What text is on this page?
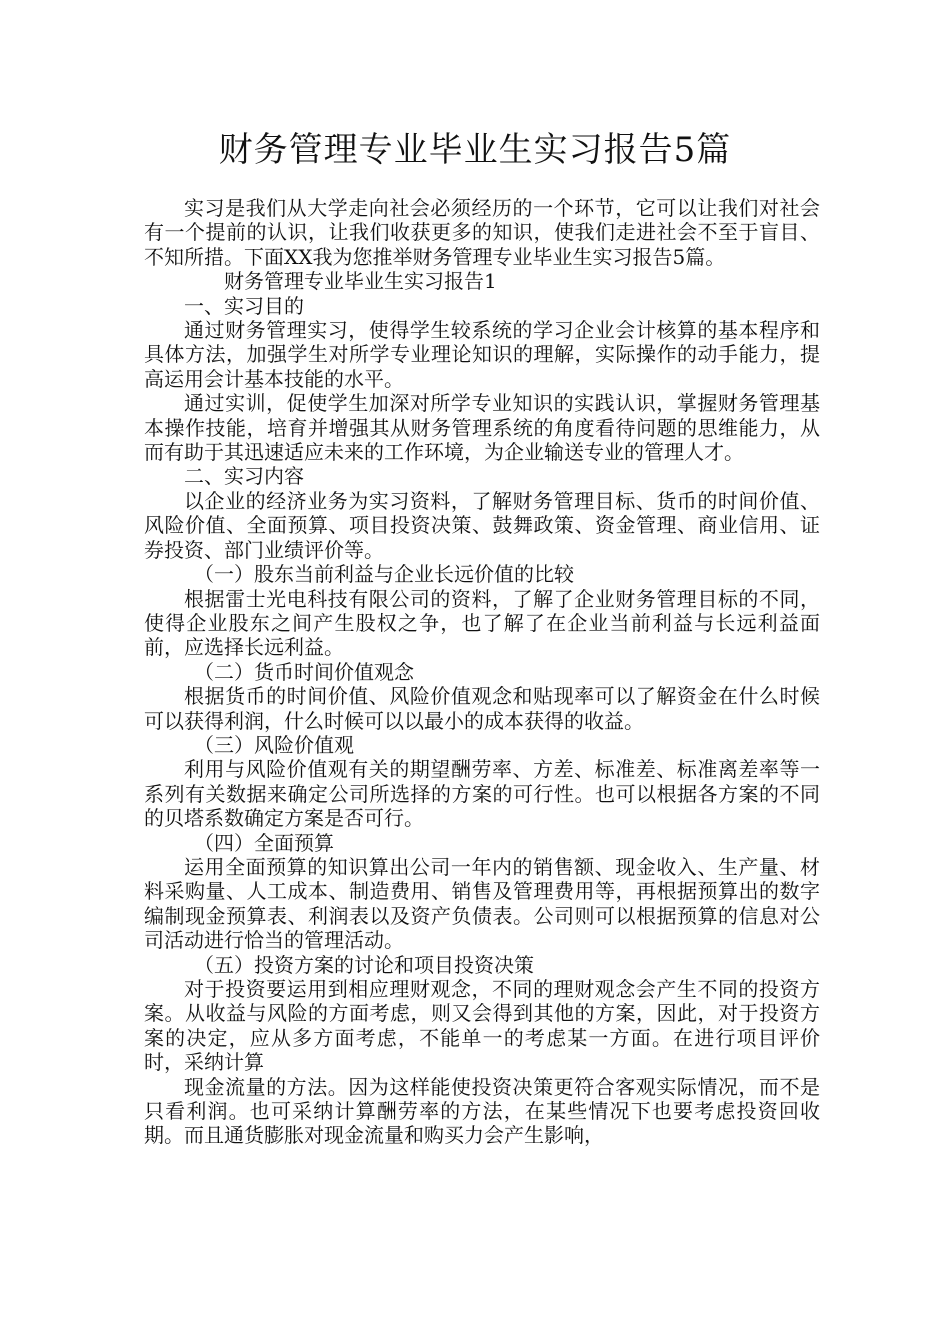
财务管理专业毕业生实习报告5篇

实习是我们从大学走向社会必须经历的一个环节，它可以让我们对社会有一个提前的认识，让我们收获更多的知识，使我们走进社会不至于盲目、不知所措。下面XX我为您推举财务管理专业毕业生实习报告5篇。

财务管理专业毕业生实习报告1

一、实习目的

通过财务管理实习，使得学生较系统的学习企业会计核算的基本程序和具体方法，加强学生对所学专业理论知识的理解，实际操作的动手能力，提高运用会计基本技能的水平。

通过实训，促使学生加深对所学专业知识的实践认识，掌握财务管理基本操作技能，培育并增强其从财务管理系统的角度看待问题的思维能力，从而有助于其迅速适应未来的工作环境，为企业输送专业的管理人才。

二、实习内容

以企业的经济业务为实习资料，了解财务管理目标、货币的时间价值、风险价值、全面预算、项目投资决策、鼓舞政策、资金管理、商业信用、证券投资、部门业绩评价等。

（一）股东当前利益与企业长远价值的比较

根据雷士光电科技有限公司的资料，了解了企业财务管理目标的不同，使得企业股东之间产生股权之争，也了解了在企业当前利益与长远利益面前，应选择长远利益。

（二）货币时间价值观念

根据货币的时间价值、风险价值观念和贴现率可以了解资金在什么时候可以获得利润，什么时候可以以最小的成本获得的收益。

（三）风险价值观

利用与风险价值观有关的期望酬劳率、方差、标准差、标准离差率等一系列有关数据来确定公司所选择的方案的可行性。也可以根据各方案的不同的贝塔系数确定方案是否可行。

（四）全面预算

运用全面预算的知识算出公司一年内的销售额、现金收入、生产量、材料采购量、人工成本、制造费用、销售及管理费用等，再根据预算出的数字编制现金预算表、利润表以及资产负债表。公司则可以根据预算的信息对公司活动进行恰当的管理活动。

（五）投资方案的讨论和项目投资决策

对于投资要运用到相应理财观念，不同的理财观念会产生不同的投资方案。从收益与风险的方面考虑，则又会得到其他的方案，因此，对于投资方案的决定，应从多方面考虑，不能单一的考虑某一方面。在进行项目评价时，采纳计算

现金流量的方法。因为这样能使投资决策更符合客观实际情况，而不是只看利润。也可采纳计算酬劳率的方法，在某些情况下也要考虑投资回收期。而且通货膨胀对现金流量和购买力会产生影响，
